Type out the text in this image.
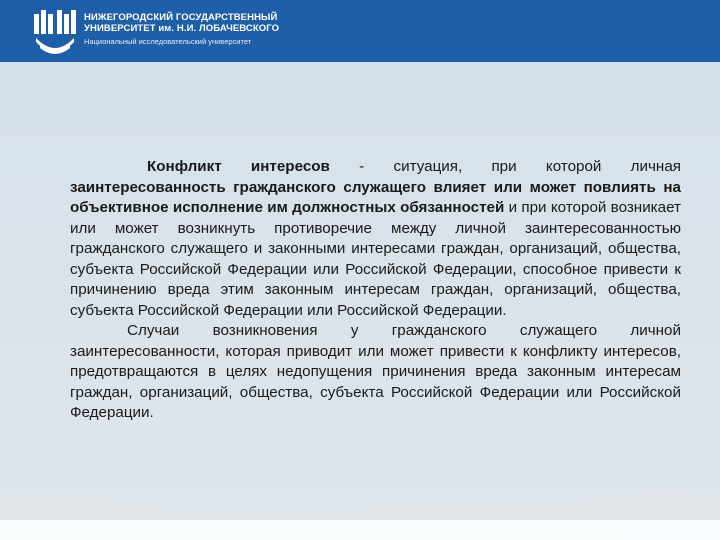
НИЖЕГОРОДСКИЙ ГОСУДАРСТВЕННЫЙ
УНИВЕРСИТЕТ им. Н.И. ЛОБАЧЕВСКОГО
Национальный исследовательский университет

Конфликт интересов - ситуация, при которой личная заинтересованность гражданского служащего влияет или может повлиять на объективное исполнение им должностных обязанностей и при которой возникает или может возникнуть противоречие между личной заинтересованностью гражданского служащего и законными интересами граждан, организаций, общества, субъекта Российской Федерации или Российской Федерации, способное привести к причинению вреда этим законным интересам граждан, организаций, общества, субъекта Российской Федерации или Российской Федерации.

Случаи возникновения у гражданского служащего личной заинтересованности, которая приводит или может привести к конфликту интересов, предотвращаются в целях недопущения причинения вреда законным интересам граждан, организаций, общества, субъекта Российской Федерации или Российской Федерации.
